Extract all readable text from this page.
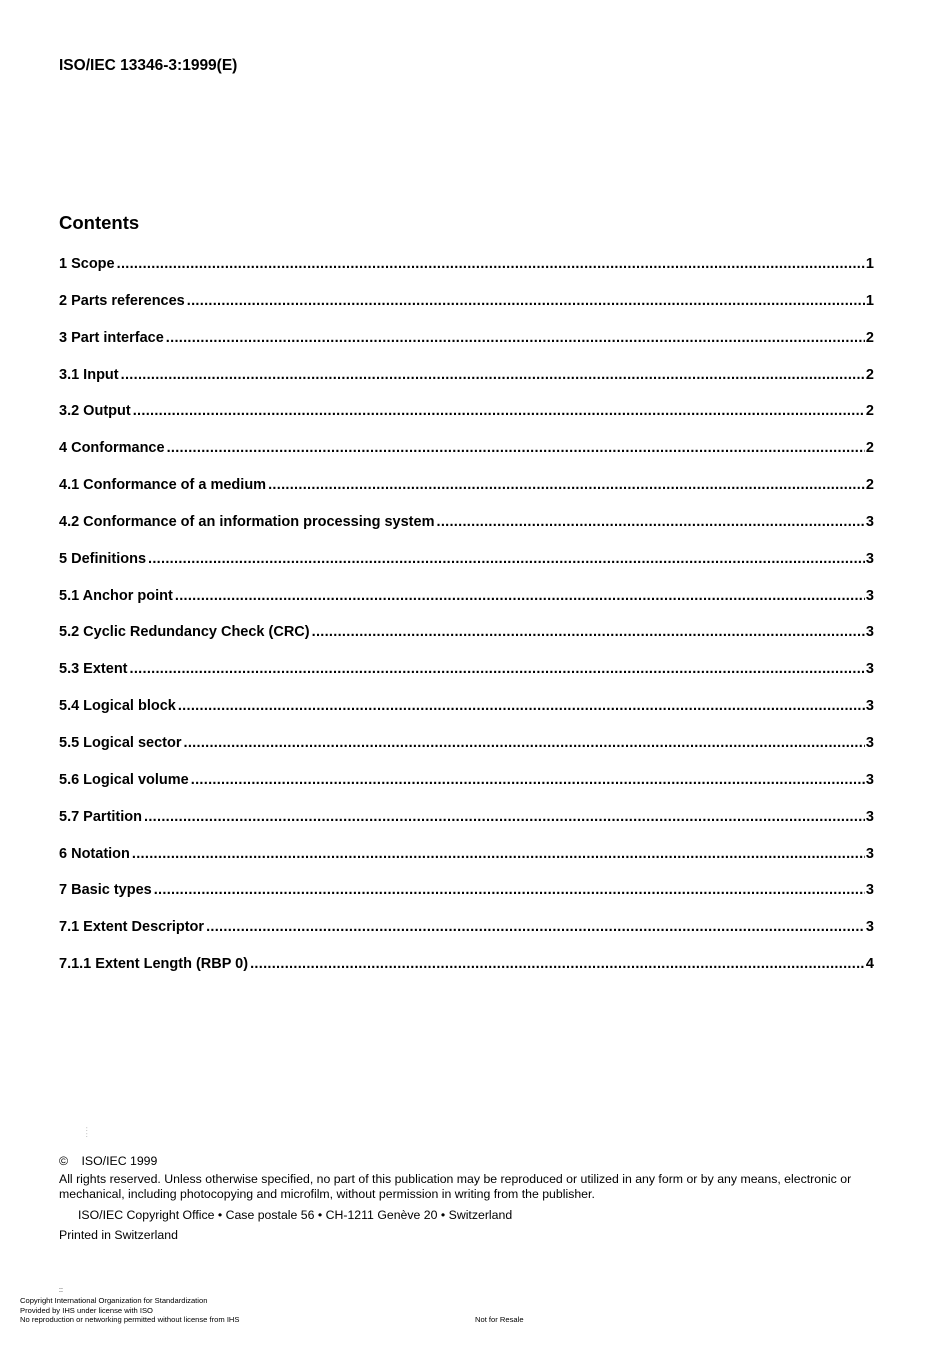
ISO/IEC 13346-3:1999(E)
Contents
1 Scope .....	1
2 Parts references .....	1
3 Part interface .....	2
3.1 Input .....	2
3.2 Output .....	2
4 Conformance .....	2
4.1 Conformance of a medium .....	2
4.2 Conformance of an information processing system .....	3
5 Definitions .....	3
5.1 Anchor point .....	3
5.2 Cyclic Redundancy Check (CRC) .....	3
5.3 Extent .....	3
5.4 Logical block .....	3
5.5 Logical sector .....	3
5.6 Logical volume .....	3
5.7 Partition .....	3
6 Notation .....	3
7 Basic types .....	3
7.1 Extent Descriptor .....	3
7.1.1 Extent Length (RBP 0) .....	4
:
:
© ISO/IEC 1999
All rights reserved. Unless otherwise specified, no part of this publication may be reproduced or utilized in any form or by any means, electronic or mechanical, including photocopying and microfilm, without permission in writing from the publisher.
ISO/IEC Copyright Office • Case postale 56 • CH-1211 Genève 20 • Switzerland
Printed in Switzerland
::
Copyright International Organization for Standardization
Provided by IHS under license with ISO
No reproduction or networking permitted without license from IHS	Not for Resale
